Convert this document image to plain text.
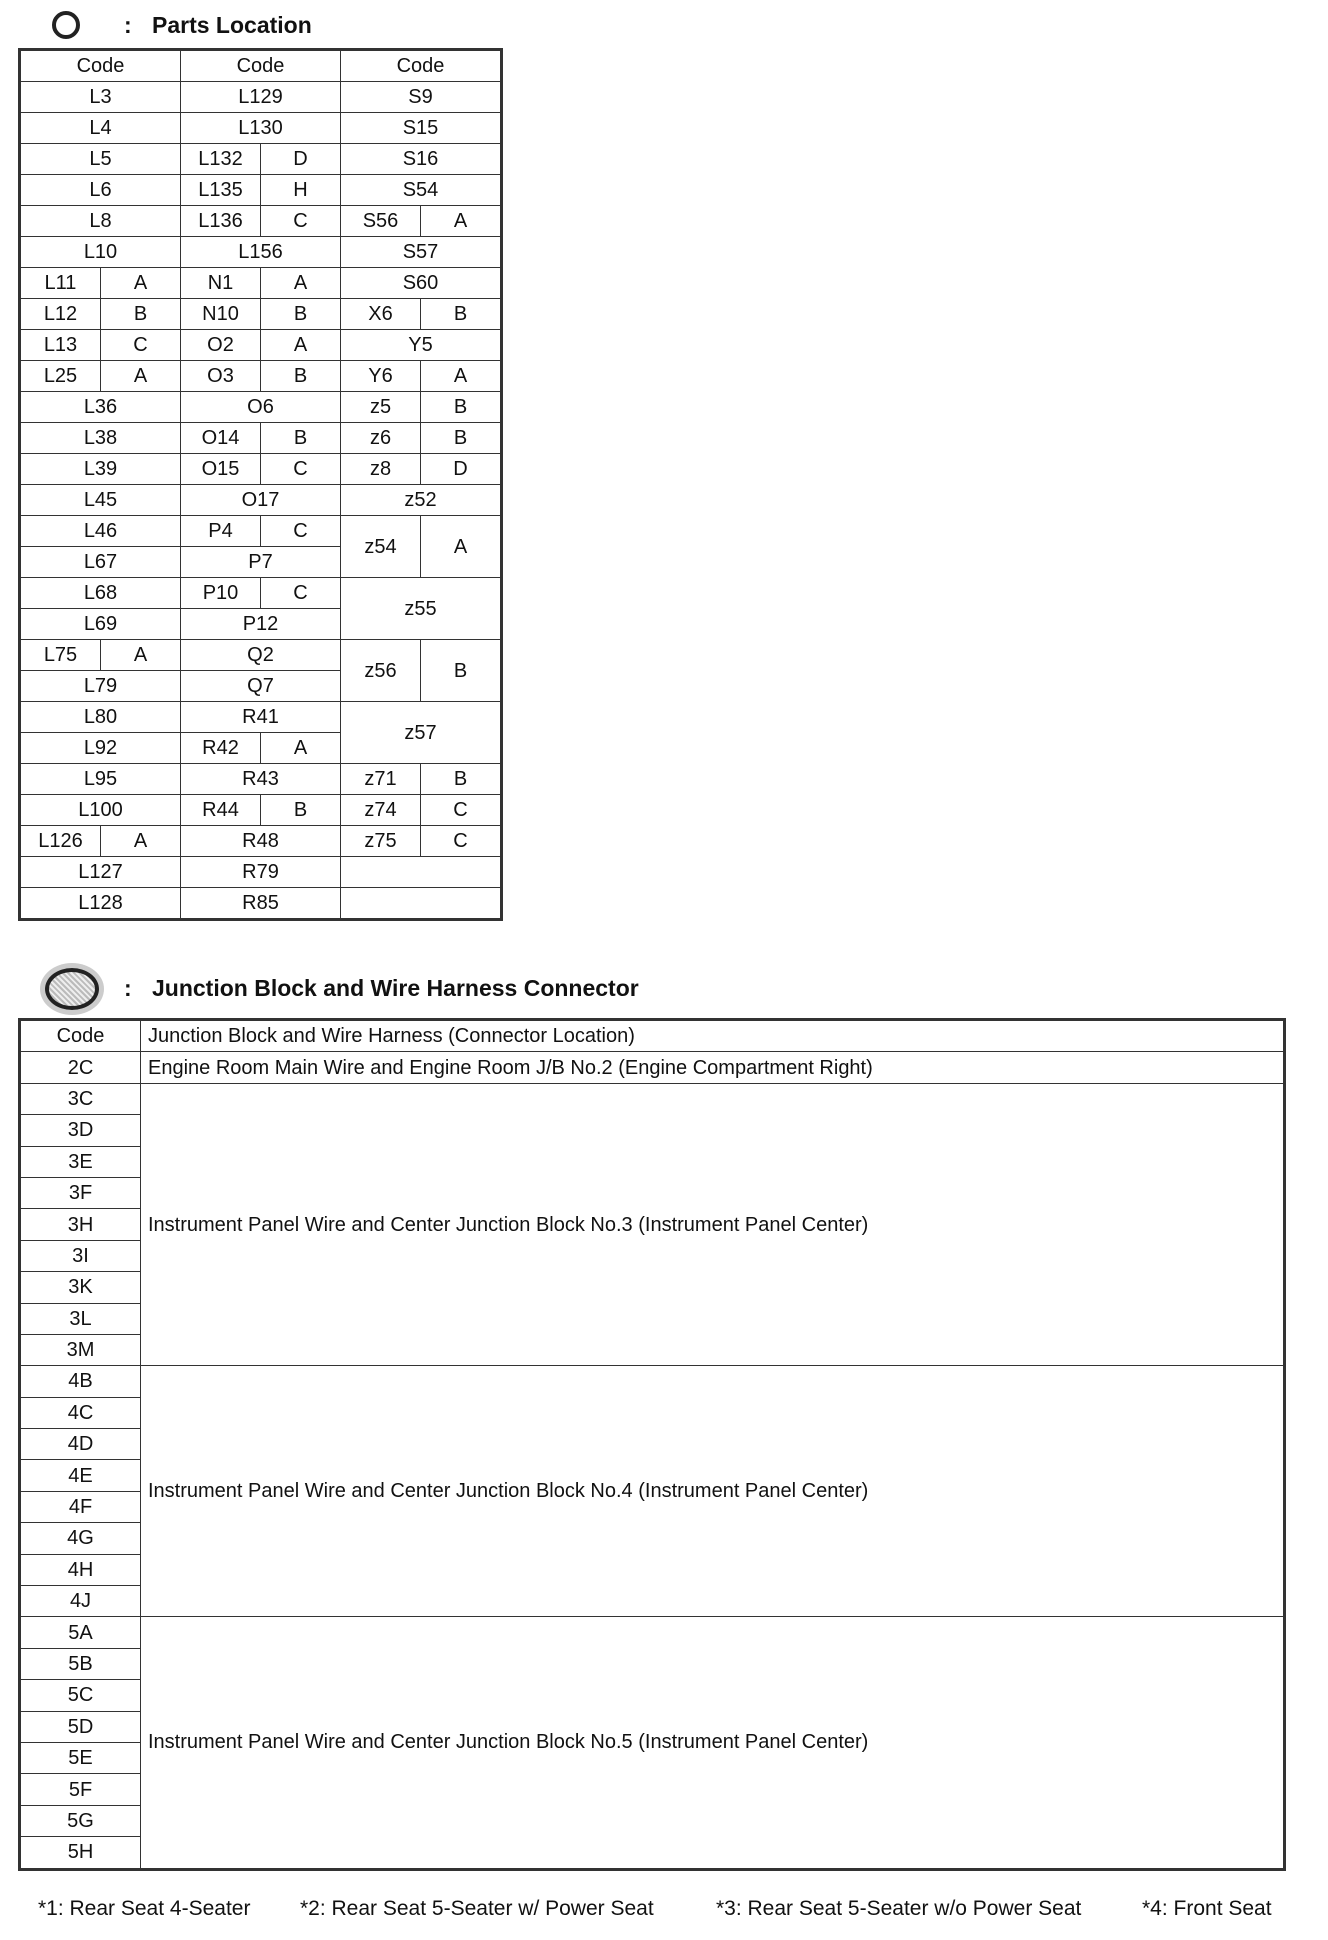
: Parts Location
Code		Code		Code	
L3		L129		S9	
L4		L130		S15	
L5		L132	D	S16	
L6		L135	H	S54	
L8		L136	C	S56	A
L10		L156		S57	
L11	A	N1	A	S60	
L12	B	N10	B	X6	B
L13	C	O2	A	Y5	
L25	A	O3	B	Y6	A
L36		O6		z5	B
L38		O14	B	z6	B
L39		O15	C	z8	D
L45		O17		z52	
L46		P4	C	z54	A
L67		P7			
L68		P10	C	z55	
L69		P12			
L75	A	Q2		z56	B
L79		Q7			
L80		R41		z57	
L92		R42	A		
L95		R43		z71	B
L100		R44	B	z74	C
L126	A	R48		z75	C
L127		R79			
L128		R85			
: Junction Block and Wire Harness Connector
Code	Junction Block and Wire Harness (Connector Location)
2C	Engine Room Main Wire and Engine Room J/B No.2 (Engine Compartment Right)
3C	Instrument Panel Wire and Center Junction Block No.3 (Instrument Panel Center)
3D	
3E	
3F	
3H	
3I	
3K	
3L	
3M	
4B	Instrument Panel Wire and Center Junction Block No.4 (Instrument Panel Center)
4C	
4D	
4E	
4F	
4G	
4H	
4J	
5A	Instrument Panel Wire and Center Junction Block No.5 (Instrument Panel Center)
5B	
5C	
5D	
5E	
5F	
5G	
5H	
*1: Rear Seat 4-Seater *2: Rear Seat 5-Seater w/ Power Seat	*3: Rear Seat 5-Seater w/o Power Seat	*4: Front Seat
